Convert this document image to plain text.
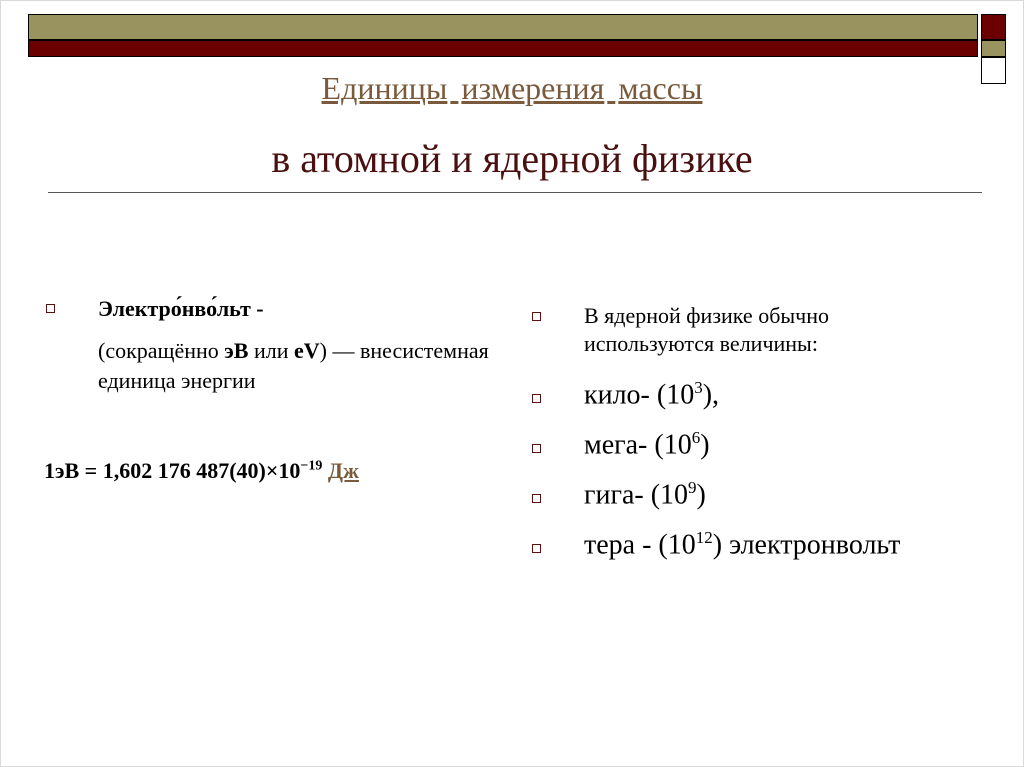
Единицы измерения массы
в атомной и ядерной физике
Электро́нво́льт -
(сокращённо эВ или eV) — внесистемная единица энергии
1эВ = 1,602 176 $487(40)\times 10^{-19}$ Дж
В ядерной физике обычно используются величины:
кило- $(10^3)$,
мега- $(10^6)$
гига- $(10^9)$
тера - $(10^{12})$ электронвольт
